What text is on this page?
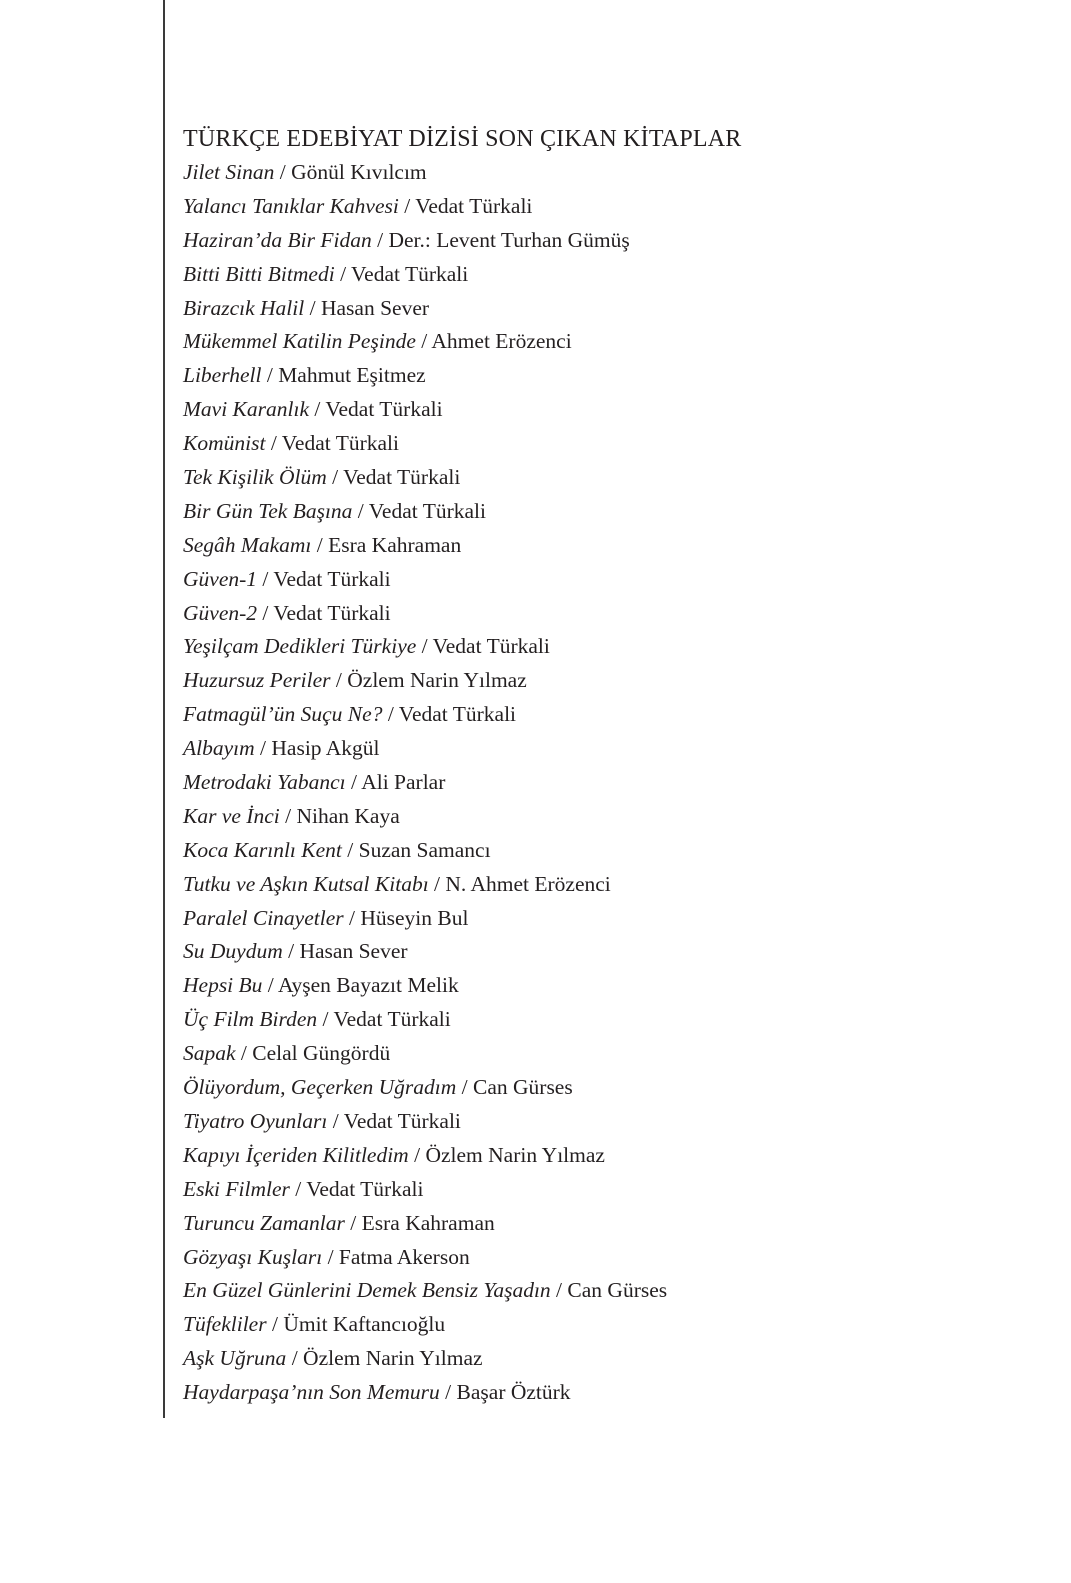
TÜRKÇE EDEBİYAT DİZİSİ SON ÇIKAN KİTAPLAR
Jilet Sinan / Gönül Kıvılcım
Yalancı Tanıklar Kahvesi / Vedat Türkali
Haziran’da Bir Fidan / Der.: Levent Turhan Gümüş
Bitti Bitti Bitmedi / Vedat Türkali
Birazcık Halil / Hasan Sever
Mükemmel Katilin Peşinde / Ahmet Erözenci
Liberhell / Mahmut Eşitmez
Mavi Karanlık / Vedat Türkali
Komünist / Vedat Türkali
Tek Kişilik Ölüm / Vedat Türkali
Bir Gün Tek Başına / Vedat Türkali
Segâh Makamı / Esra Kahraman
Güven-1 / Vedat Türkali
Güven-2 / Vedat Türkali
Yeşilçam Dedikleri Türkiye / Vedat Türkali
Huzursuz Periler / Özlem Narin Yılmaz
Fatmagül’ün Suçu Ne? / Vedat Türkali
Albayım / Hasip Akgül
Metrodaki Yabancı / Ali Parlar
Kar ve İnci / Nihan Kaya
Koca Karınlı Kent / Suzan Samancı
Tutku ve Aşkın Kutsal Kitabı / N. Ahmet Erözenci
Paralel Cinayetler / Hüseyin Bul
Su Duydum / Hasan Sever
Hepsi Bu / Ayşen Bayazıt Melik
Üç Film Birden / Vedat Türkali
Sapak / Celal Güngördü
Ölüyordum, Geçerken Uğradım / Can Gürses
Tiyatro Oyunları / Vedat Türkali
Kapıyı İçeriden Kilitledim / Özlem Narin Yılmaz
Eski Filmler / Vedat Türkali
Turuncu Zamanlar / Esra Kahraman
Gözyaşı Kuşları / Fatma Akerson
En Güzel Günlerini Demek Bensiz Yaşadın / Can Gürses
Tüfekliler / Ümit Kaftancıoğlu
Aşk Uğruna / Özlem Narin Yılmaz
Haydarpaşa’nın Son Memuru / Başar Öztürk
